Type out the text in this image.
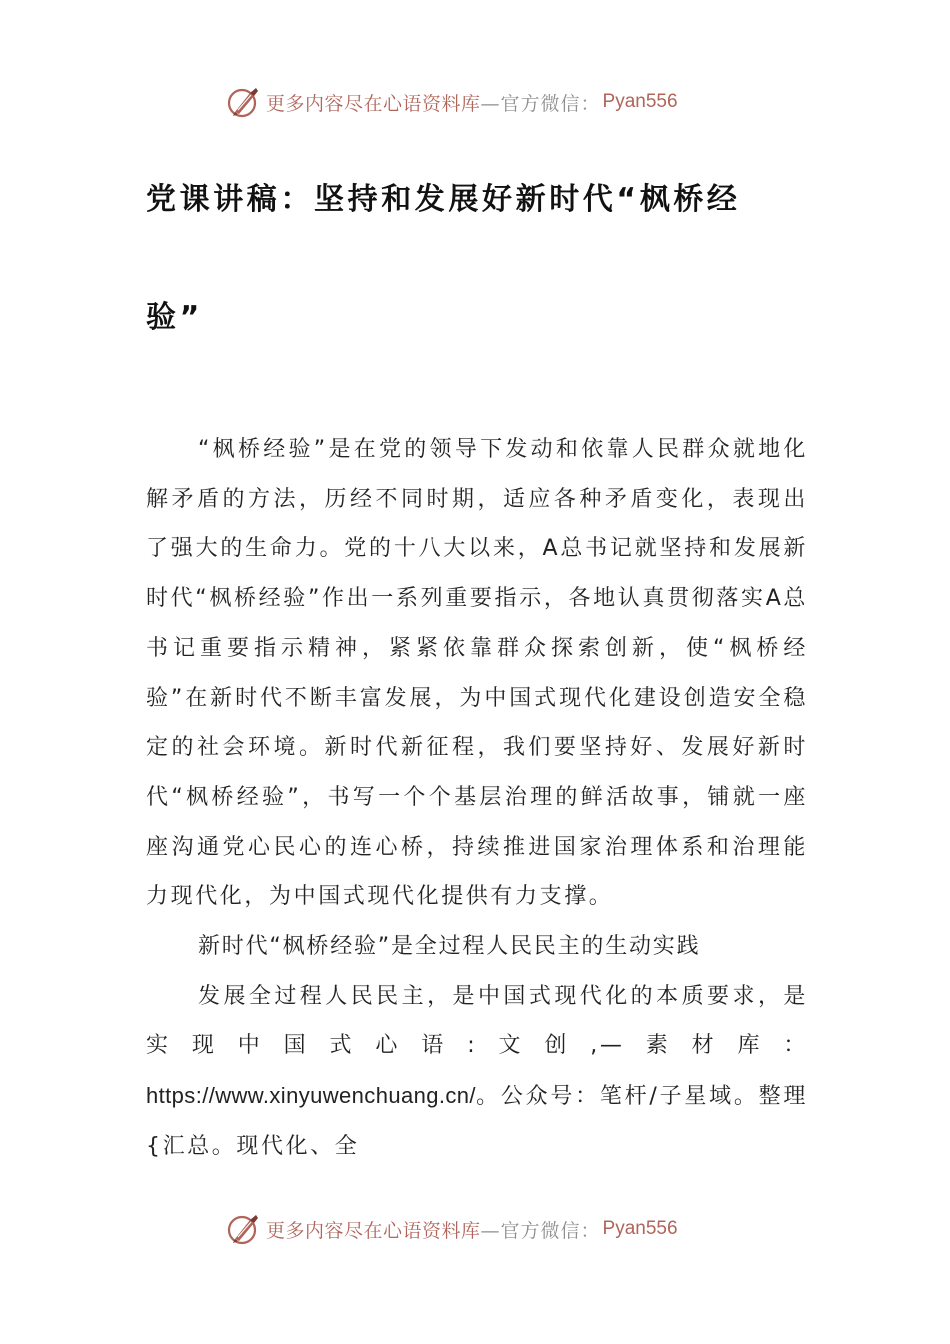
更多内容尽在心语资料库 —官方微信： Pyan556
党课讲稿：坚持和发展好新时代“枫桥经
验”

“枫桥经验”是在党的领导下发动和依靠人民群众就地化解矛盾的方法，历经不同时期，适应各种矛盾变化，表现出了强大的生命力。党的十八大以来，A总书记就坚持和发展新时代“枫桥经验”作出一系列重要指示，各地认真贯彻落实A总书记重要指示精神，紧紧依靠群众探索创新，使“枫桥经验”在新时代不断丰富发展，为中国式现代化建设创造安全稳定的社会环境。新时代新征程，我们要坚持好、发展好新时代“枫桥经验”，书写一个个基层治理的鲜活故事，铺就一座座沟通党心民心的连心桥，持续推进国家治理体系和治理能力现代化，为中国式现代化提供有力支撑。

新时代“枫桥经验”是全过程人民民主的生动实践

发展全过程人民民主，是中国式现代化的本质要求，是实现中国式心语:文创,—素材库：https://www.xinyuwenchuang.cn/。公众号：笔杆/子星域。整理{汇总。现代化、全

更多内容尽在心语资料库 —官方微信： Pyan556
